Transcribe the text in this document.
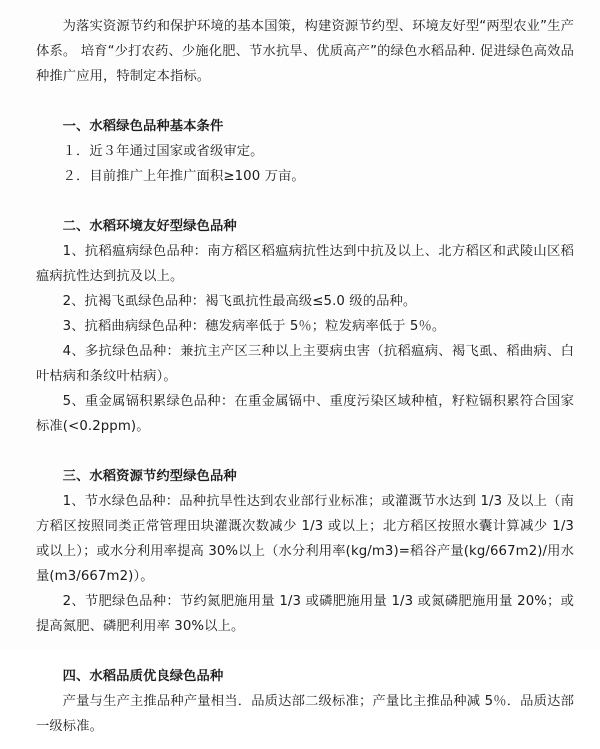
为落实资源节约和保护环境的基本国策，构建资源节约型、环境友好型“两型农业”生产体系。 培育“少打农药、少施化肥、节水抗旱、优质高产”的绿色水稻品种. 促进绿色高效品种推广应用，特制定本指标。

一、水稻绿色品种基本条件

１．近３年通过国家或省级审定。

２．目前推广上年推广面积≥100 万亩。

二、水稻环境友好型绿色品种

1、抗稻瘟病绿色品种：南方稻区稻瘟病抗性达到中抗及以上、北方稻区和武陵山区稻瘟病抗性达到抗及以上。

2、抗褐飞虱绿色品种：褐飞虱抗性最高级≤5.0 级的品种。

3、抗稻曲病绿色品种：穗发病率低于 5％；粒发病率低于 5％。

4、多抗绿色品种：兼抗主产区三种以上主要病虫害（抗稻瘟病、褐飞虱、稻曲病、白叶枯病和条纹叶枯病）。

5、重金属镉积累绿色品种：在重金属镉中、重度污染区域种植，籽粒镉积累符合国家标准(<0.2ppm)。

三、水稻资源节约型绿色品种

1、节水绿色品种：品种抗旱性达到农业部行业标准；或灌溉节水达到 1/3 及以上（南方稻区按照同类正常管理田块灌溉次数减少 1/3 或以上；北方稻区按照水囊计算减少 1/3 或以上）；或水分利用率提高 30%以上（水分利用率(kg/m3)=稻谷产量(kg/667m2)/用水量(m3/667m2)）。

2、节肥绿色品种：节约氮肥施用量 1/3 或磷肥施用量 1/3 或氮磷肥施用量 20%；或提高氮肥、磷肥利用率 30%以上。

四、水稻品质优良绿色品种

产量与生产主推品种产量相当．品质达部二级标准；产量比主推品种减 5％．品质达部一级标准。
